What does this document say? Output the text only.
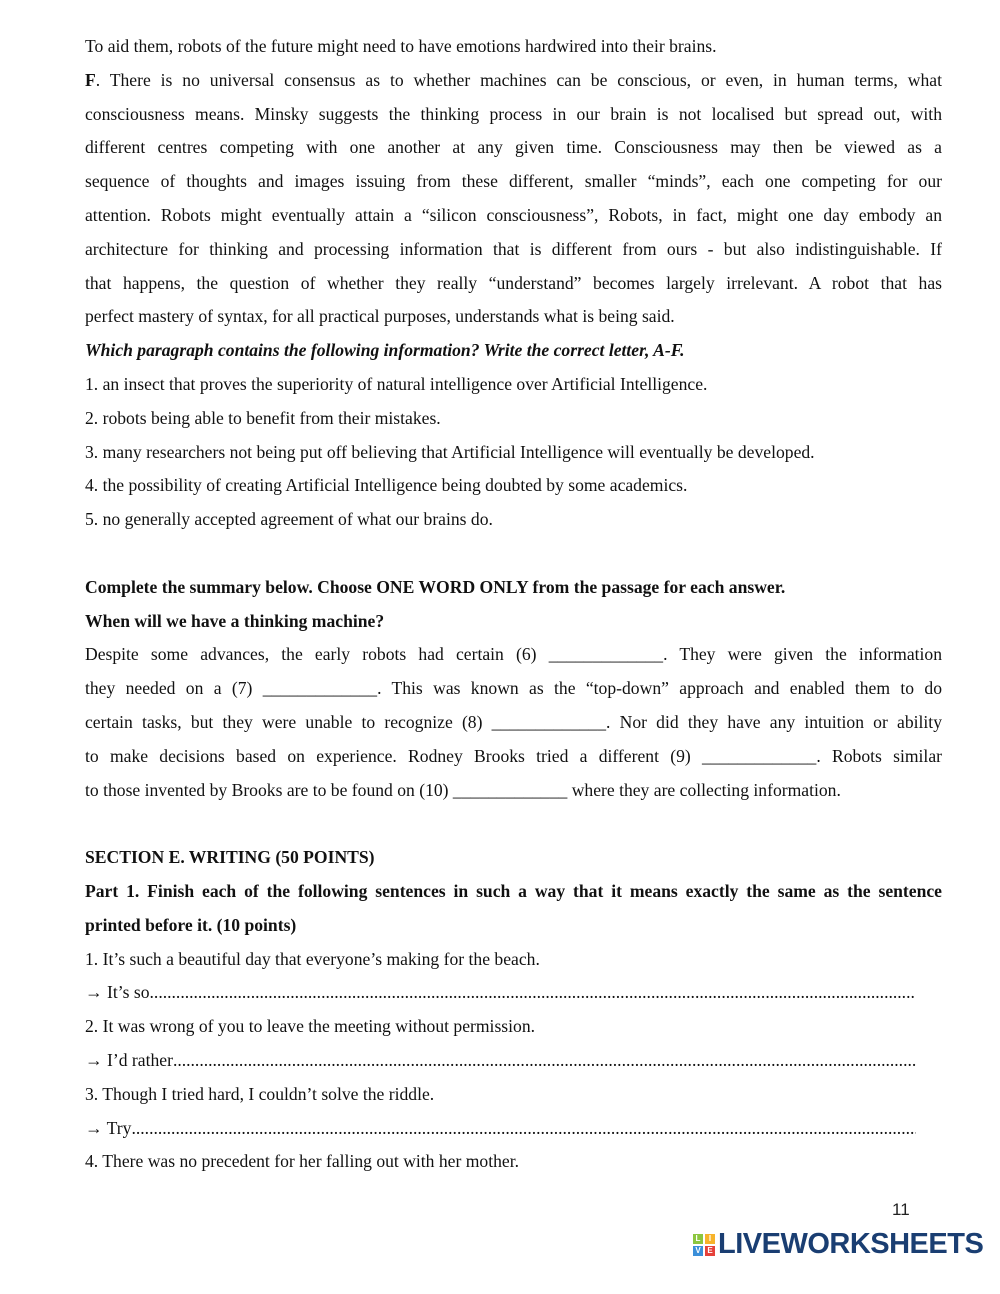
To aid them, robots of the future might need to have emotions hardwired into their brains.
F. There is no universal consensus as to whether machines can be conscious, or even, in human terms, what
consciousness means. Minsky suggests the thinking process in our brain is not localised but spread out, with
different centres competing with one another at any given time. Consciousness may then be viewed as a
sequence of thoughts and images issuing from these different, smaller “minds”, each one competing for our
attention. Robots might eventually attain a “silicon consciousness”, Robots, in fact, might one day embody an
architecture for thinking and processing information that is different from ours - but also indistinguishable. If
that happens, the question of whether they really “understand” becomes largely irrelevant. A robot that has
perfect mastery of syntax, for all practical purposes, understands what is being said.
Which paragraph contains the following information? Write the correct letter, A-F.
1. an insect that proves the superiority of natural intelligence over Artificial Intelligence.
2. robots being able to benefit from their mistakes.
3. many researchers not being put off believing that Artificial Intelligence will eventually be developed.
4. the possibility of creating Artificial Intelligence being doubted by some academics.
5. no generally accepted agreement of what our brains do.
Complete the summary below. Choose ONE WORD ONLY from the passage for each answer.
When will we have a thinking machine?
Despite some advances, the early robots had certain (6) _____________. They were given the information
they needed on a (7) _____________. This was known as the “top-down” approach and enabled them to do
certain tasks, but they were unable to recognize (8) _____________. Nor did they have any intuition or ability
to make decisions based on experience. Rodney Brooks tried a different (9) _____________. Robots similar
to those invented by Brooks are to be found on (10) _____________ where they are collecting information.
SECTION E. WRITING (50 POINTS)
Part 1. Finish each of the following sentences in such a way that it means exactly the same as the sentence
printed before it. (10 points)
1. It’s such a beautiful day that everyone’s making for the beach.
→ It’s so
.....
2. It was wrong of you to leave the meeting without permission.
→ I’d rather
.....
3. Though I tried hard, I couldn’t solve the riddle.
→ Try
.....
4. There was no precedent for her falling out with her mother.
11
L	I
V E LIVEWORKSHEETS
